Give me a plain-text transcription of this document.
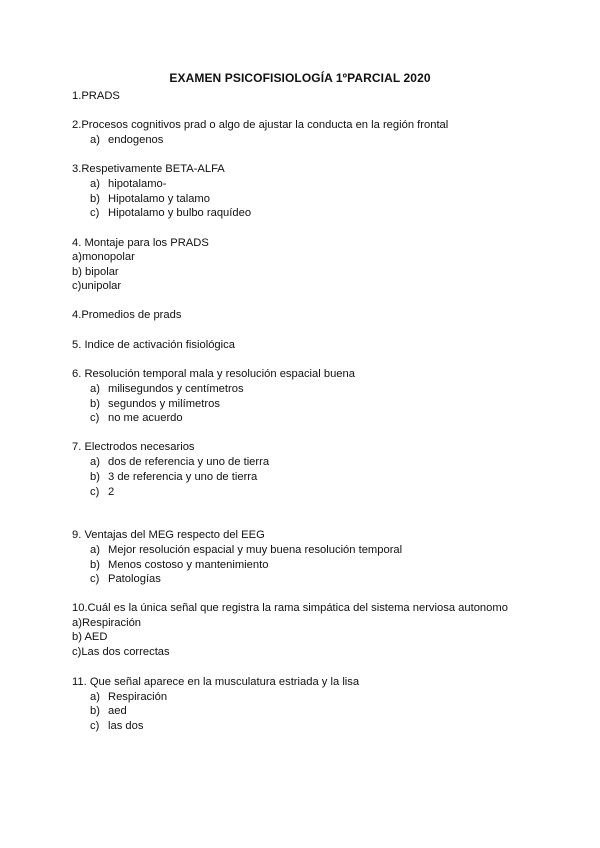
EXAMEN PSICOFISIOLOGÍA 1ºPARCIAL 2020
1.PRADS
2.Procesos cognitivos prad o algo de ajustar la conducta en la región frontal
a) endogenos
3.Respetivamente BETA-ALFA
a) hipotalamo-
b) Hipotalamo y talamo
c) Hipotalamo y bulbo raquídeo
4. Montaje para los PRADS
a)monopolar
b) bipolar
c)unipolar
4.Promedios de prads
5. Indice de activación fisiológica
6. Resolución temporal mala y resolución espacial buena
a) milisegundos y centímetros
b) segundos y milímetros
c) no me acuerdo
7. Electrodos necesarios
a) dos de referencia y uno de tierra
b) 3 de referencia y uno de tierra
c) 2
9. Ventajas del MEG respecto del EEG
a) Mejor resolución espacial y muy buena resolución temporal
b) Menos costoso y mantenimiento
c) Patologías
10.Cuál es la única señal que registra la rama simpática del sistema nerviosa autonomo
a)Respiración
b) AED
c)Las dos correctas
11. Que señal aparece en la musculatura estriada y la lisa
a) Respiración
b) aed
c) las dos
